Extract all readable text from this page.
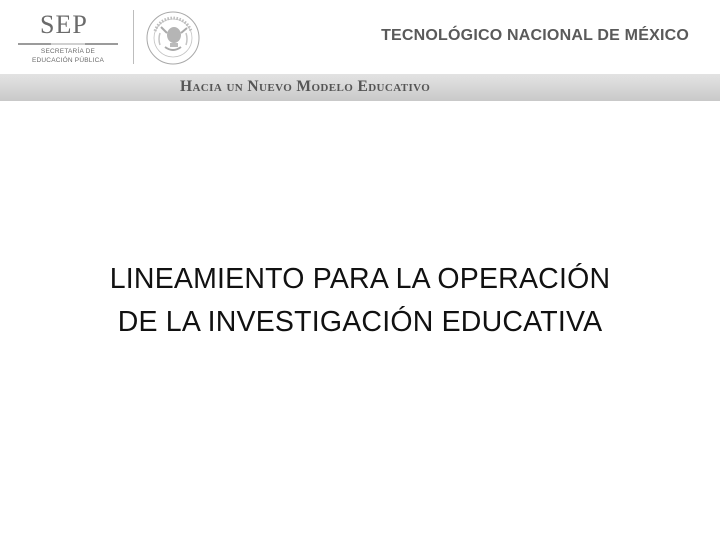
SEP
SECRETARÍA DE
EDUCACIÓN PÚBLICA
TECNOLÓGICO NACIONAL DE MÉXICO
Hacia un Nuevo Modelo Educativo
LINEAMIENTO PARA LA OPERACIÓN
DE LA INVESTIGACIÓN EDUCATIVA
